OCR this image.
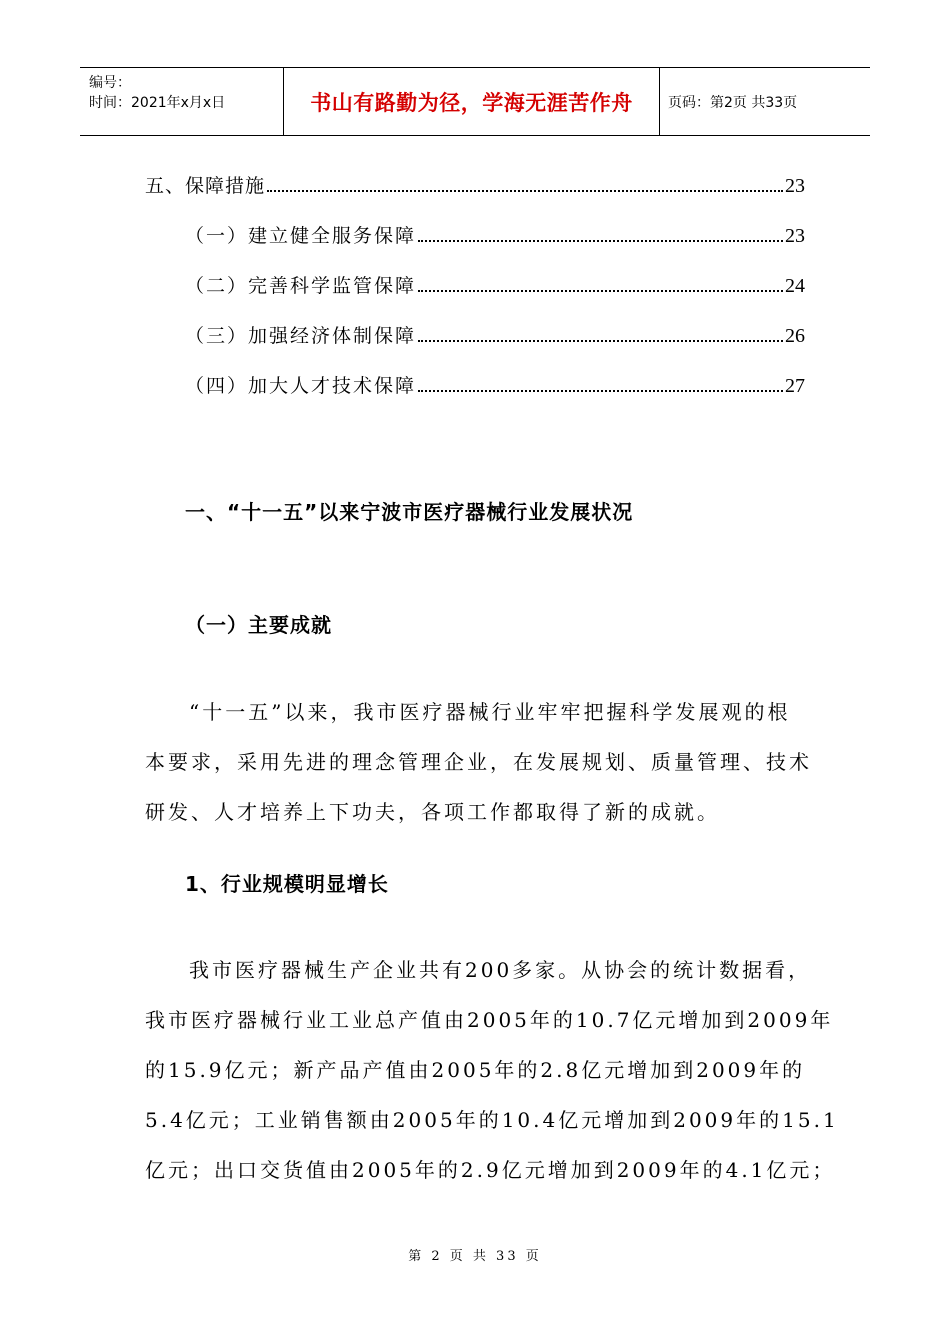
编号：
时间：2021年x月x日	书山有路勤为径，学海无涯苦作舟	页码：第2页 共33页
五、保障措施	23
（一）建立健全服务保障	23
（二）完善科学监管保障	24
（三）加强经济体制保障	26
（四）加大人才技术保障	27
一、“十一五”以来宁波市医疗器械行业发展状况
（一）主要成就
“十一五”以来，我市医疗器械行业牢牢把握科学发展观的根
本要求，采用先进的理念管理企业，在发展规划、质量管理、技术
研发、人才培养上下功夫，各项工作都取得了新的成就。
1、行业规模明显增长
我市医疗器械生产企业共有200多家。从协会的统计数据看，
我市医疗器械行业工业总产值由2005年的10.7亿元增加到2009年
的15.9亿元；新产品产值由2005年的2.8亿元增加到2009年的
5.4亿元；工业销售额由2005年的10.4亿元增加到2009年的15.1
亿元；出口交货值由2005年的2.9亿元增加到2009年的4.1亿元；
第 2 页 共 33 页
